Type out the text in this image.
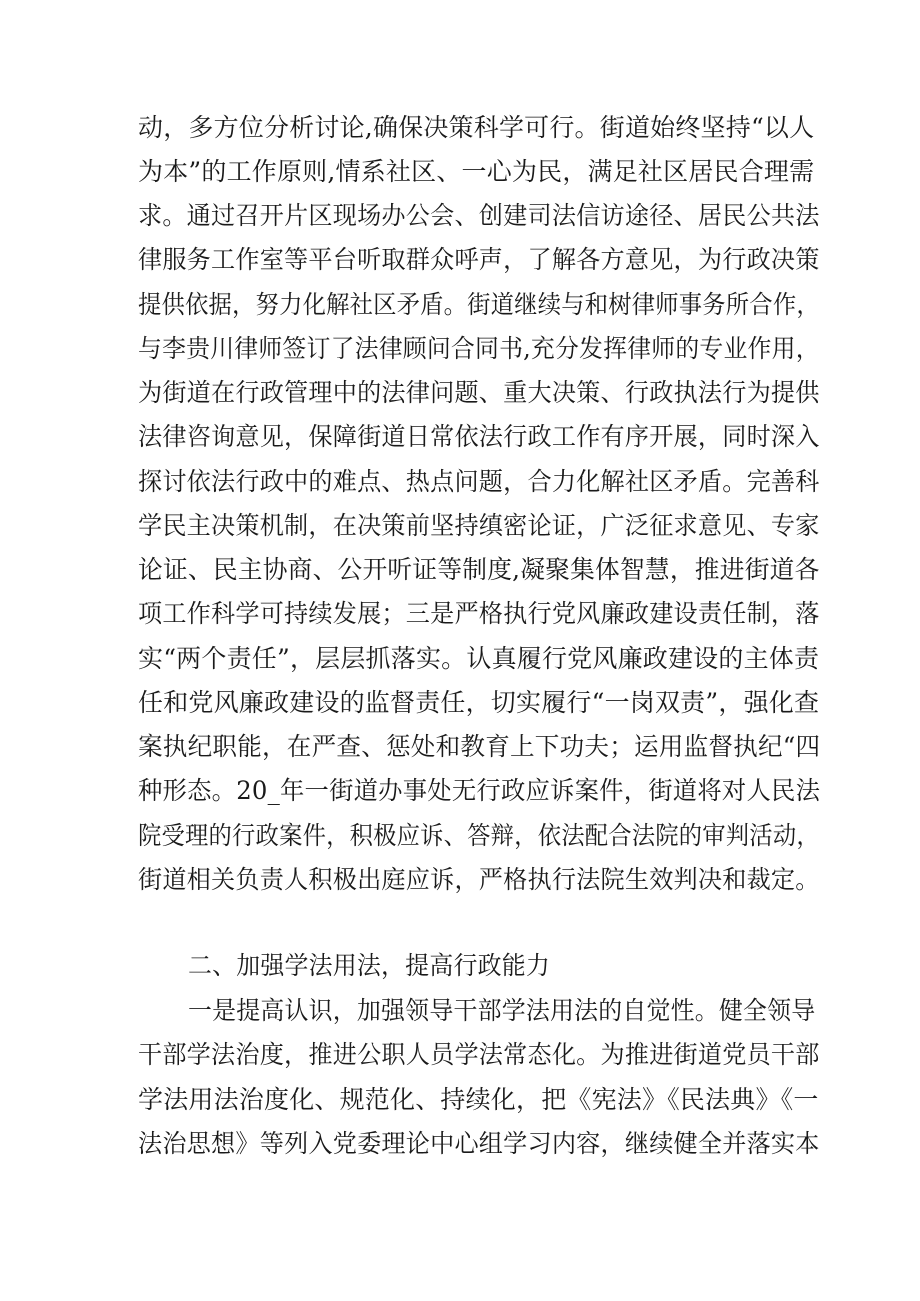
动，多方位分析讨论,确保决策科学可行。街道始终坚持“以人
为本”的工作原则,情系社区、一心为民，满足社区居民合理需
求。通过召开片区现场办公会、创建司法信访途径、居民公共法
律服务工作室等平台听取群众呼声，了解各方意见，为行政决策
提供依据，努力化解社区矛盾。街道继续与和树律师事务所合作，
与李贵川律师签订了法律顾问合同书,充分发挥律师的专业作用，
为街道在行政管理中的法律问题、重大决策、行政执法行为提供
法律咨询意见，保障街道日常依法行政工作有序开展，同时深入
探讨依法行政中的难点、热点问题，合力化解社区矛盾。完善科
学民主决策机制，在决策前坚持缜密论证，广泛征求意见、专家
论证、民主协商、公开听证等制度,凝聚集体智慧，推进街道各
项工作科学可持续发展；三是严格执行党风廉政建设责任制，落
实“两个责任”，层层抓落实。认真履行党风廉政建设的主体责
任和党风廉政建设的监督责任，切实履行“一岗双责”，强化查
案执纪职能，在严查、惩处和教育上下功夫；运用监督执纪“四
种形态。20_年一街道办事处无行政应诉案件，街道将对人民法
院受理的行政案件，积极应诉、答辩，依法配合法院的审判活动，
街道相关负责人积极出庭应诉，严格执行法院生效判决和裁定。
二、加强学法用法，提高行政能力
一是提高认识，加强领导干部学法用法的自觉性。健全领导
干部学法治度，推进公职人员学法常态化。为推进街道党员干部
学法用法治度化、规范化、持续化，把《宪法》《民法典》《一
法治思想》等列入党委理论中心组学习内容，继续健全并落实本
